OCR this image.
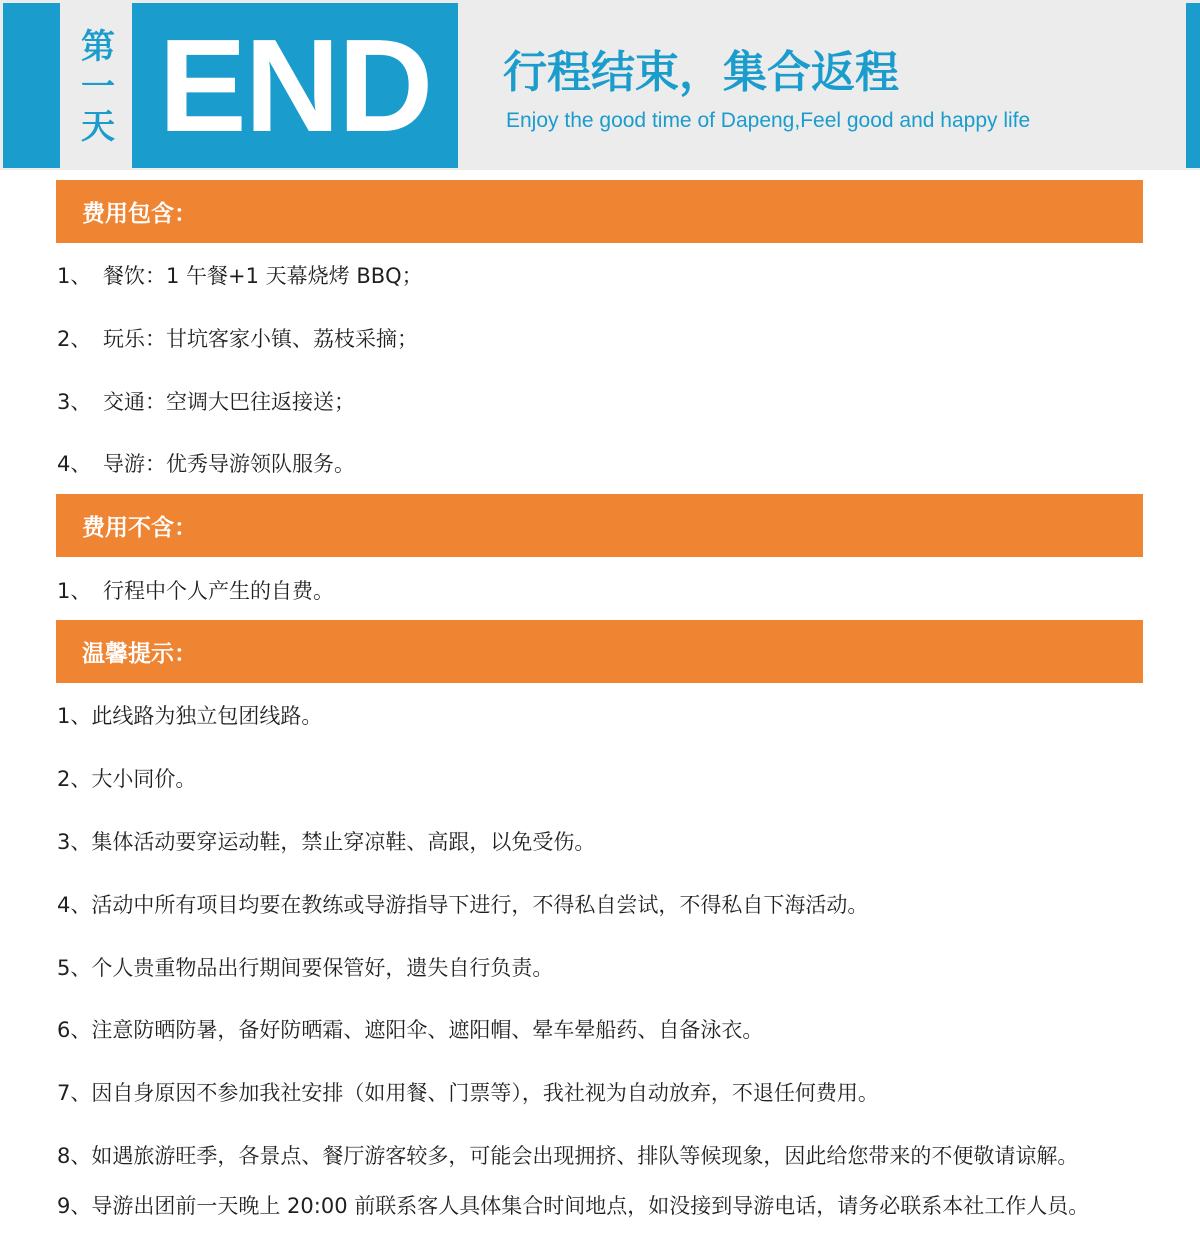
第
一
天 END 行程结束，集合返程
Enjoy the good time of Dapeng,Feel good and happy life
费用包含：
1、 餐饮：1 午餐+1 天幕烧烤 BBQ；
2、 玩乐：甘坑客家小镇、荔枝采摘；
3、 交通：空调大巴往返接送；
4、 导游：优秀导游领队服务。
费用不含：
1、 行程中个人产生的自费。
温馨提示：
1、此线路为独立包团线路。
2、大小同价。
3、集体活动要穿运动鞋，禁止穿凉鞋、高跟，以免受伤。
4、活动中所有项目均要在教练或导游指导下进行，不得私自尝试，不得私自下海活动。
5、个人贵重物品出行期间要保管好，遗失自行负责。
6、注意防晒防暑，备好防晒霜、遮阳伞、遮阳帽、晕车晕船药、自备泳衣。
7、因自身原因不参加我社安排（如用餐、门票等），我社视为自动放弃，不退任何费用。
8、如遇旅游旺季，各景点、餐厅游客较多，可能会出现拥挤、排队等候现象，因此给您带来的不便敬请谅解。
9、导游出团前一天晚上 20:00 前联系客人具体集合时间地点，如没接到导游电话，请务必联系本社工作人员。
